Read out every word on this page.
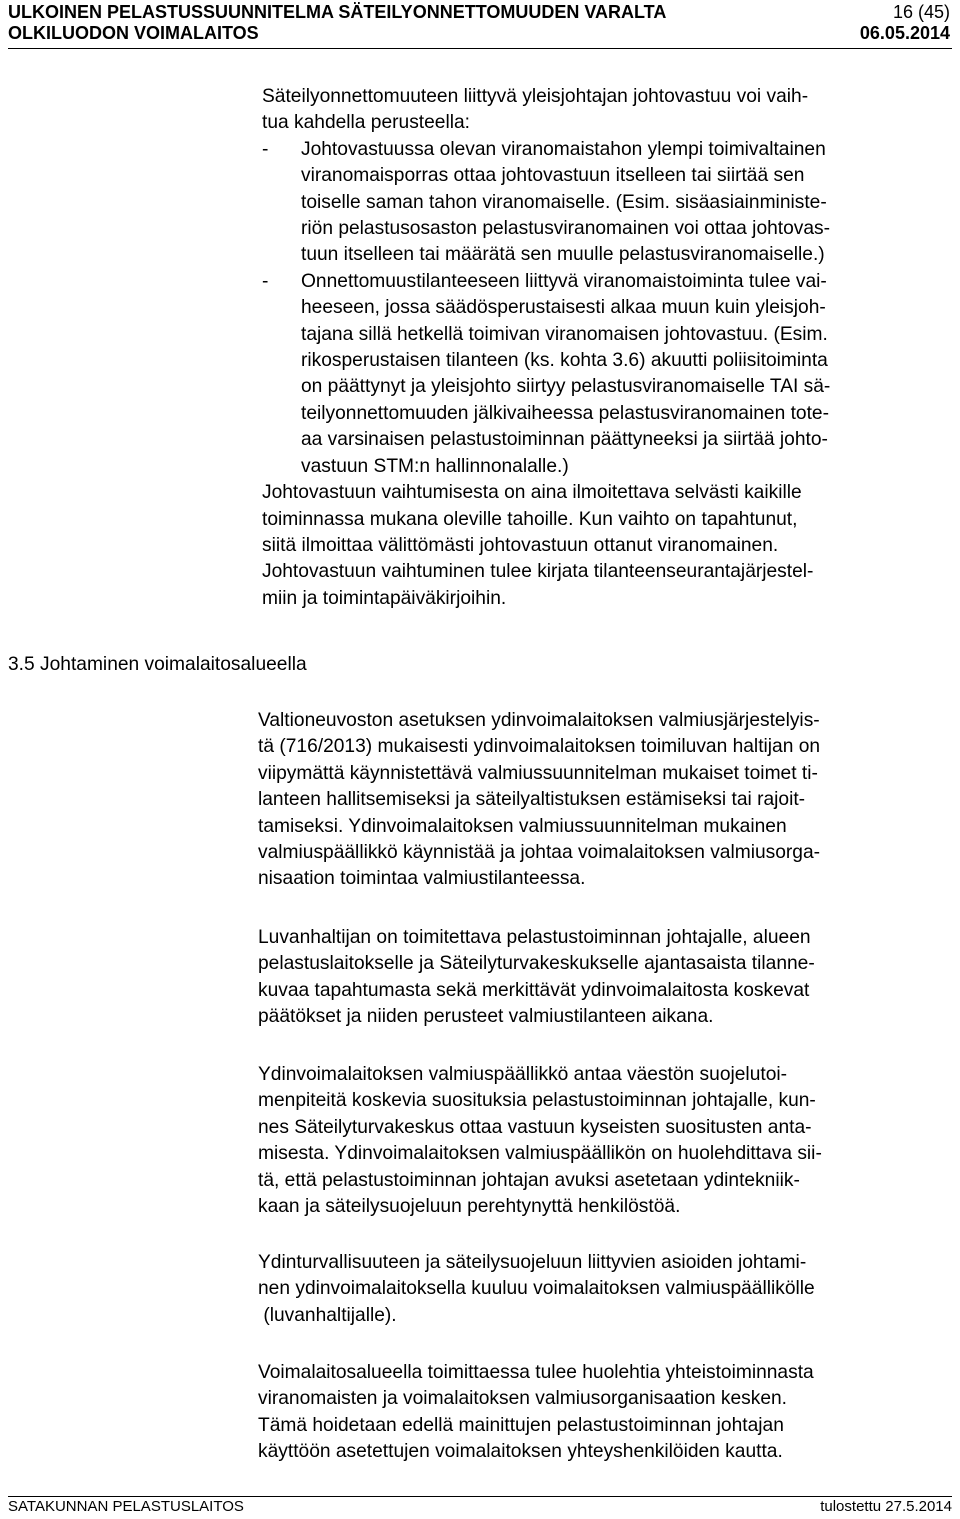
ULKOINEN PELASTUSSUUNNITELMA SÄTEILYONNETTOMUUDEN VARALTA	16 (45)
OLKILUODON VOIMALAITOS	06.05.2014

Säteilyonnettomuuteen liittyvä yleisjohtajan johtovastuu voi vaih-
tua kahdella perusteella:

- Johtovastuussa olevan viranomaistahon ylempi toimivaltainen
viranomaisporras ottaa johtovastuun itselleen tai siirtää sen
toiselle saman tahon viranomaiselle. (Esim. sisäasiainministe-
riön pelastusosaston pelastusviranomainen voi ottaa johtovas-
tuun itselleen tai määrätä sen muulle pelastusviranomaiselle.)
- Onnettomuustilanteeseen liittyvä viranomaistoiminta tulee vai-
heeseen, jossa säädösperustaisesti alkaa muun kuin yleisjoh-
tajana sillä hetkellä toimivan viranomaisen johtovastuu. (Esim.
rikosperustaisen tilanteen (ks. kohta 3.6) akuutti poliisitoiminta
on päättynyt ja yleisjohto siirtyy pelastusviranomaiselle TAI sä-
teilyonnettomuuden jälkivaiheessa pelastusviranomainen tote-
aa varsinaisen pelastustoiminnan päättyneeksi ja siirtää johto-
vastuun STM:n hallinnonalalle.)

Johtovastuun vaihtumisesta on aina ilmoitettava selvästi kaikille
toiminnassa mukana oleville tahoille. Kun vaihto on tapahtunut,
siitä ilmoittaa välittömästi johtovastuun ottanut viranomainen.
Johtovastuun vaihtuminen tulee kirjata tilanteenseurantajärjestel-
miin ja toimintapäiväkirjoihin.

3.5 Johtaminen voimalaitosalueella
Valtioneuvoston asetuksen ydinvoimalaitoksen valmiusjärjestelyis-
tä (716/2013) mukaisesti ydinvoimalaitoksen toimiluvan haltijan on
viipymättä käynnistettävä valmiussuunnitelman mukaiset toimet ti-
lanteen hallitsemiseksi ja säteilyaltistuksen estämiseksi tai rajoit-
tamiseksi. Ydinvoimalaitoksen valmiussuunnitelman mukainen
valmiuspäällikkö käynnistää ja johtaa voimalaitoksen valmiusorga-
nisaation toimintaa valmiustilanteessa.
Luvanhaltijan on toimitettava pelastustoiminnan johtajalle, alueen
pelastuslaitokselle ja Säteilyturvakeskukselle ajantasaista tilanne-
kuvaa tapahtumasta sekä merkittävät ydinvoimalaitosta koskevat
päätökset ja niiden perusteet valmiustilanteen aikana.
Ydinvoimalaitoksen valmiuspäällikkö antaa väestön suojelutoi-
menpiteitä koskevia suosituksia pelastustoiminnan johtajalle, kun-
nes Säteilyturvakeskus ottaa vastuun kyseisten suositusten anta-
misesta. Ydinvoimalaitoksen valmiuspäällikön on huolehdittava sii-
tä, että pelastustoiminnan johtajan avuksi asetetaan ydintekniik-
kaan ja säteilysuojeluun perehtynyttä henkilöstöä.
Ydinturvallisuuteen ja säteilysuojeluun liittyvien asioiden johtami-
nen ydinvoimalaitoksella kuuluu voimalaitoksen valmiuspäällikölle
(luvanhaltijalle).
Voimalaitosalueella toimittaessa tulee huolehtia yhteistoiminnasta
viranomaisten ja voimalaitoksen valmiusorganisaation kesken.
Tämä hoidetaan edellä mainittujen pelastustoiminnan johtajan
käyttöön asetettujen voimalaitoksen yhteyshenkilöiden kautta.
SATAKUNNAN PELASTUSLAITOS	tulostettu 27.5.2014
